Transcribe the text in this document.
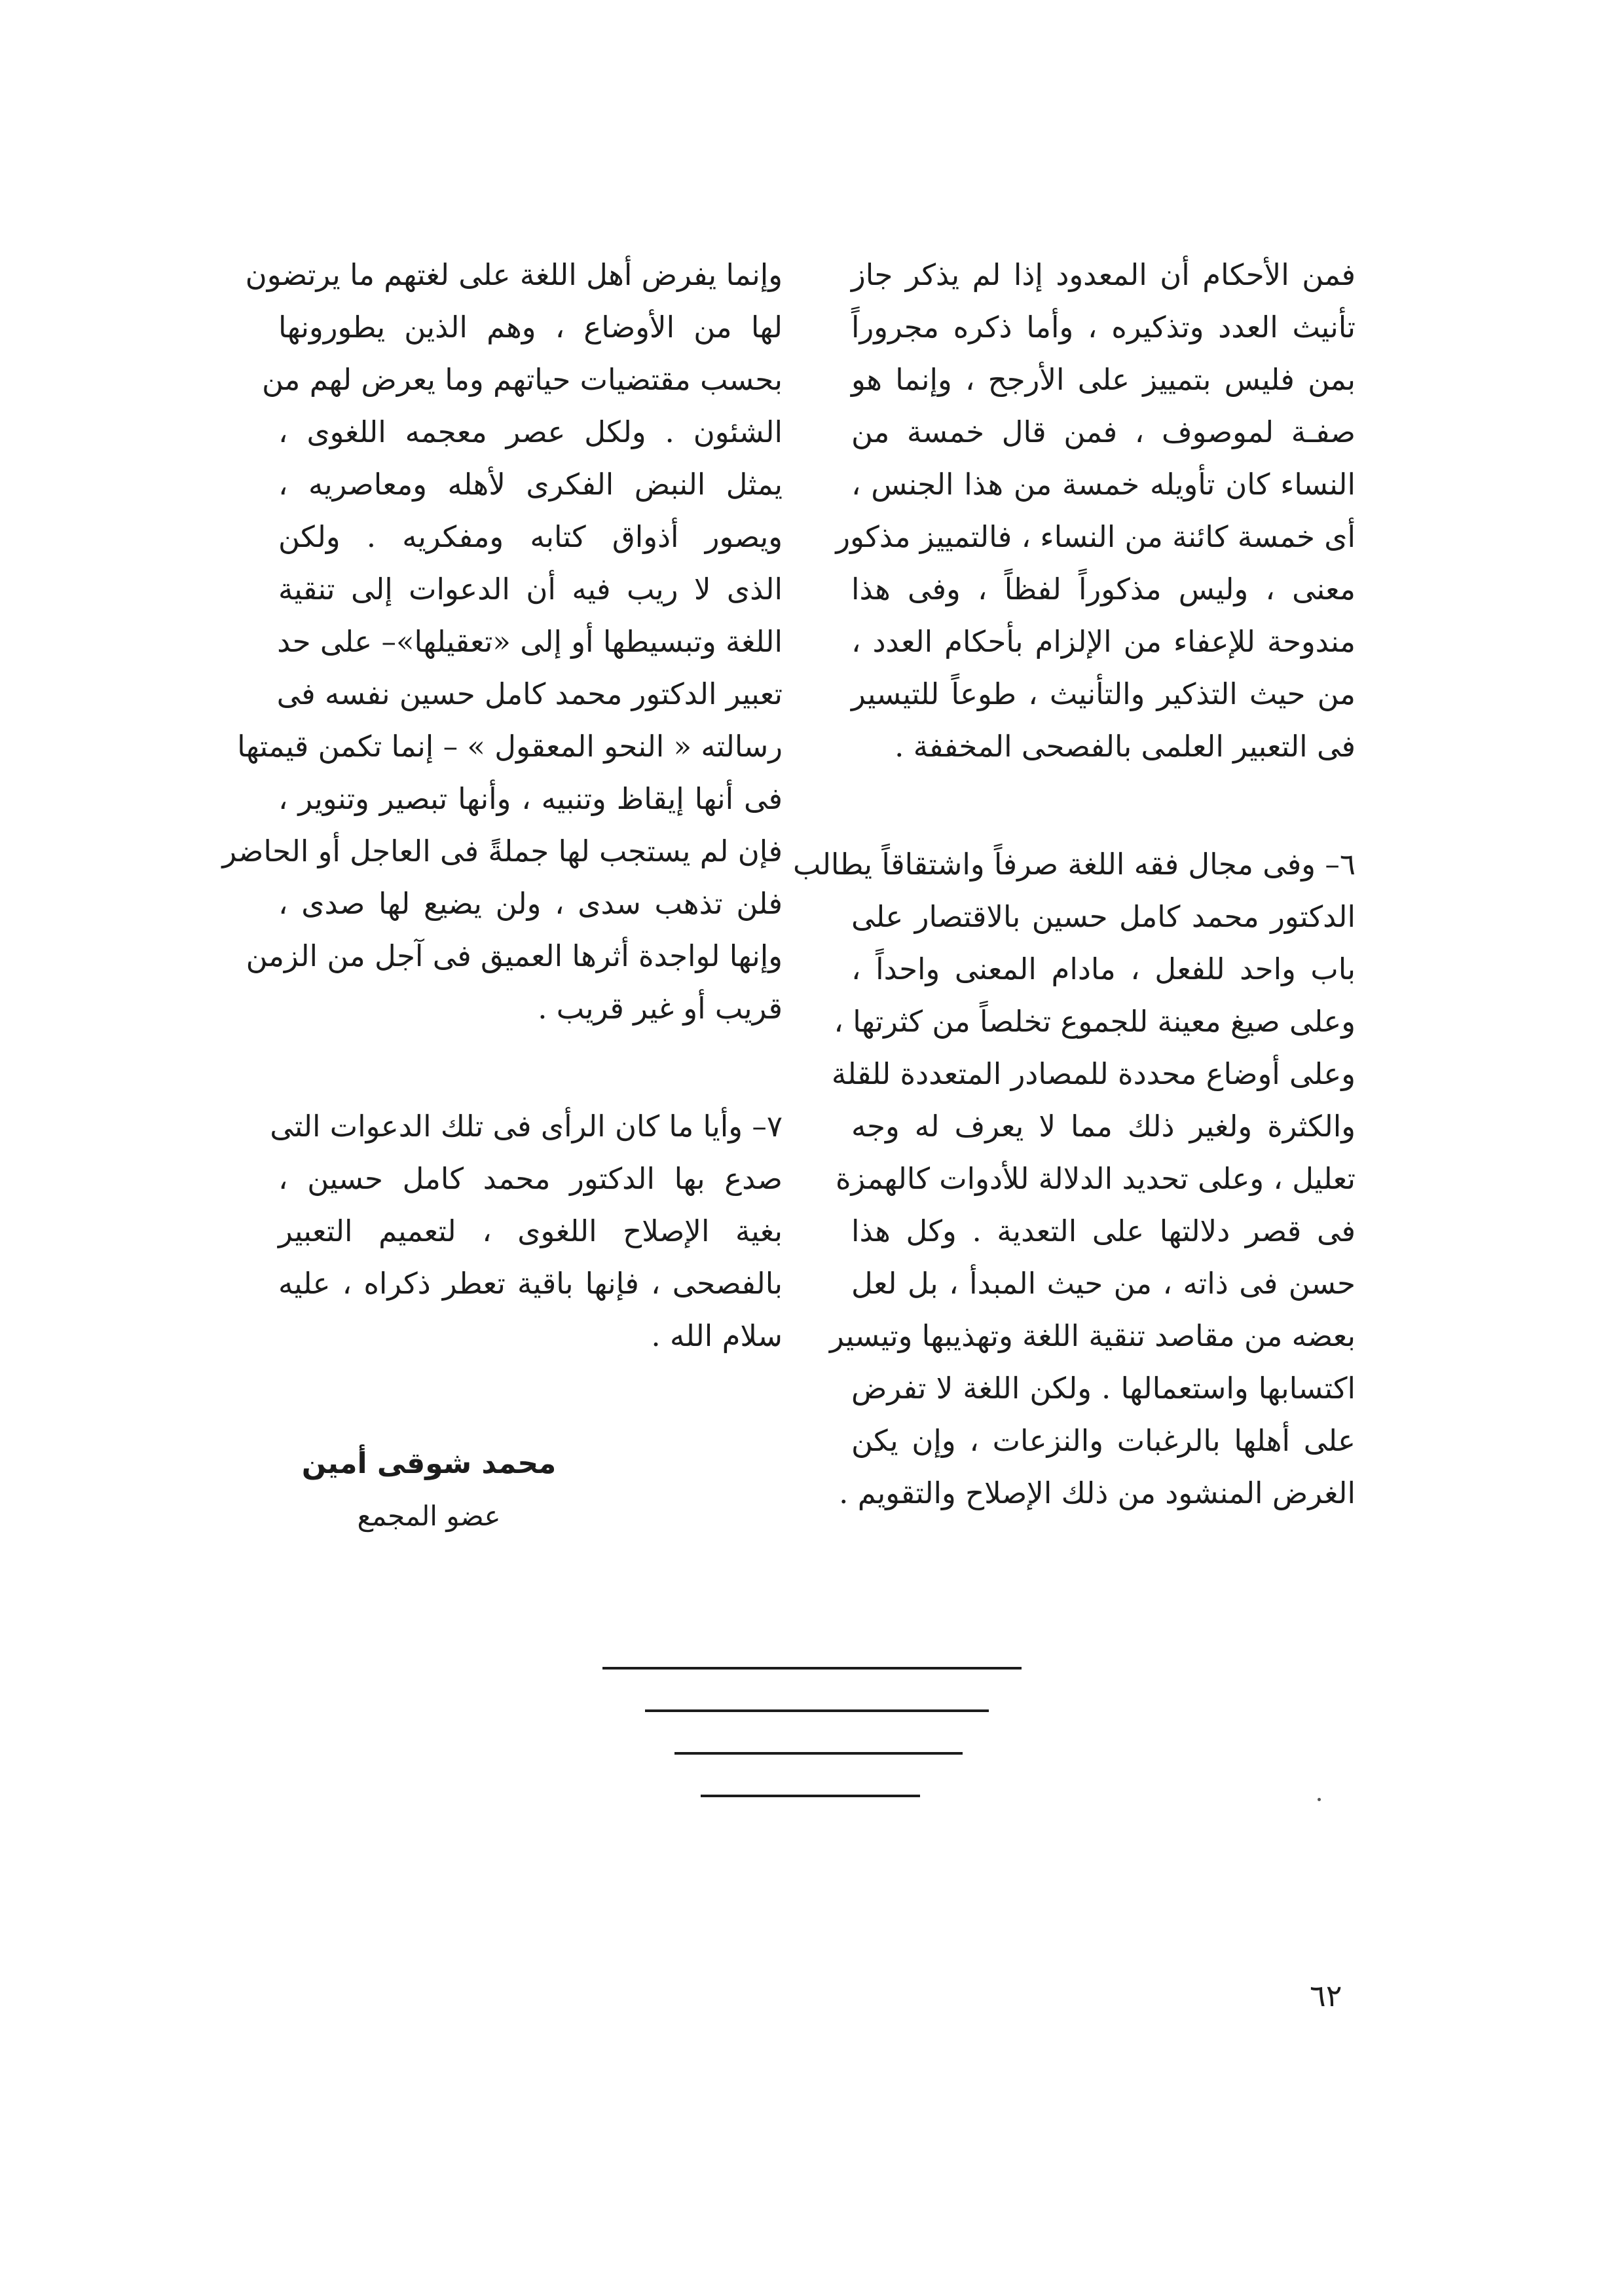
فمن الأحكام أن المعدود إذا لم يذكر جاز
تأنيث العدد وتذكيره ، وأما ذكره مجروراً
بمن فليس بتمييز على الأرجح ، وإنما هو
صفـة لموصوف ، فمن قال خمسة من
النساء كان تأويله خمسة من هذا الجنس ،
أى خمسة كائنة من النساء ، فالتمييز مذكور
معنى ، وليس مذكوراً لفظاً ، وفى هذا
مندوحة للإعفاء من الإلزام بأحكام العدد ،
من حيث التذكير والتأنيث ، طوعاً للتيسير
فى التعبير العلمى بالفصحى المخففة .
٦– وفى مجال فقه اللغة صرفاً واشتقاقاً يطالب
الدكتور محمد كامل حسين بالاقتصار على
باب واحد للفعل ، مادام المعنى واحداً ،
وعلى صيغ معينة للجموع تخلصاً من كثرتها ،
وعلى أوضاع محددة للمصادر المتعددة للقلة
والكثرة ولغير ذلك مما لا يعرف له وجه
تعليل ، وعلى تحديد الدلالة للأدوات كالهمزة
فى قصر دلالتها على التعدية . وكل هذا
حسن فى ذاته ، من حيث المبدأ ، بل لعل
بعضه من مقاصد تنقية اللغة وتهذيبها وتيسير
اكتسابها واستعمالها . ولكن اللغة لا تفرض
على أهلها بالرغبات والنزعات ، وإن يكن
الغرض المنشود من ذلك الإصلاح والتقويم .
وإنما يفرض أهل اللغة على لغتهم ما يرتضون
لها من الأوضاع ، وهم الذين يطورونها
بحسب مقتضيات حياتهم وما يعرض لهم من
الشئون . ولكل عصر معجمه اللغوى ،
يمثل النبض الفكرى لأهله ومعاصريه ،
ويصور أذواق كتابه ومفكريه . ولكن
الذى لا ريب فيه أن الدعوات إلى تنقية
اللغة وتبسيطها أو إلى «تعقيلها»– على حد
تعبير الدكتور محمد كامل حسين نفسه فى
رسالته « النحو المعقول » – إنما تكمن قيمتها
فى أنها إيقاظ وتنبيه ، وأنها تبصير وتنوير ،
فإن لم يستجب لها جملةً فى العاجل أو الحاضر
فلن تذهب سدى ، ولن يضيع لها صدى ،
وإنها لواجدة أثرها العميق فى آجل من الزمن
قريب أو غير قريب .
٧– وأيا ما كان الرأى فى تلك الدعوات التى
صدع بها الدكتور محمد كامل حسين ،
بغية الإصلاح اللغوى ، لتعميم التعبير
بالفصحى ، فإنها باقية تعطر ذكراه ، عليه
سلام الله .
محمد شوقى أمين
عضو المجمع
٦٢
